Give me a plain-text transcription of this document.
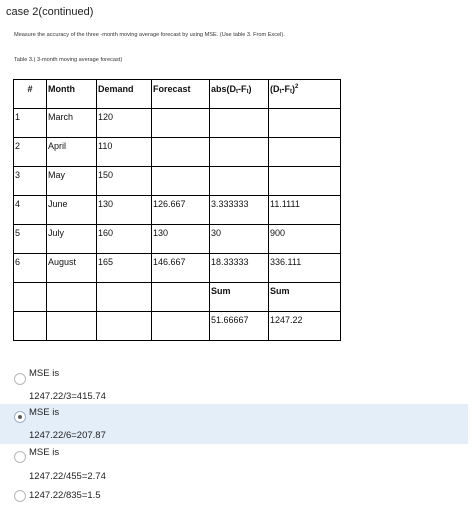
case 2(continued)
Measure the accuracy of the three -month moving average forecast by using MSE. (Use table 3. From Excel).
Table 3.( 3-month moving average forecast)
#	Month	Demand	Forecast	abs(Dt-Ft)	$(Dt-Ft)^2$

1	March	120			

2	April	110			

3	May	150			

4	June	130	126.667	3.333333	11.1111

5	July	160	130	30	900

6	August	165	146.667	18.33333	336.111

				Sum	Sum

				51.66667	1247.22
MSE is
1247.22/3=415.74
MSE is
1247.22/6=207.87
MSE is
1247.22/455=2.74
1247.22/835=1.5
